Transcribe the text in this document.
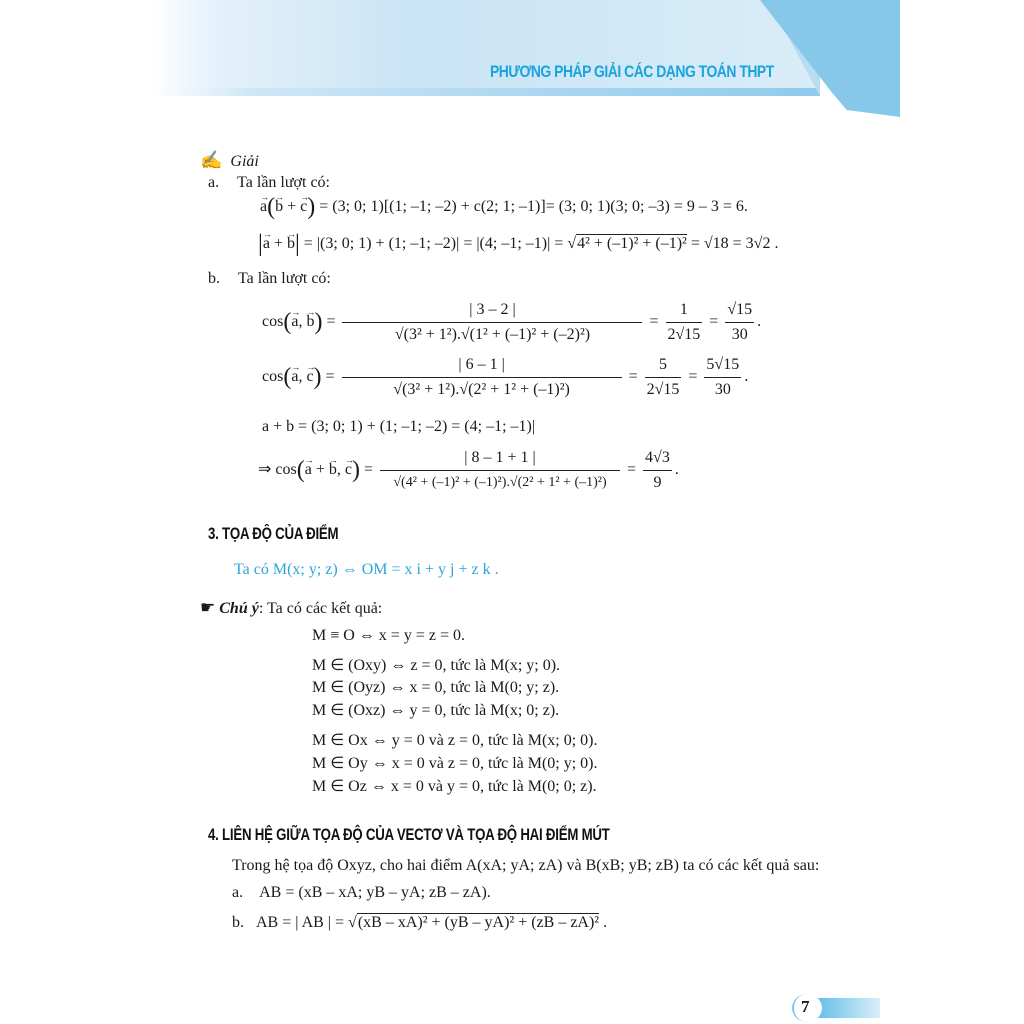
PHƯƠNG PHÁP GIẢI CÁC DẠNG TOÁN THPT
✍ Giải
a. Ta lần lượt có:
→ a(→ b + → c) = (3; 0; 1)[(1; –1; –2) + c(2; 1; –1)]= (3; 0; 1)(3; 0; –3) = 9 – 3 = 6.
|→ a + → b| = |(3; 0; 1) + (1; –1; –2)| = |(4; –1; –1)| = √4² + (–1)² + (–1)² = √18 = 3√2 .
b. Ta lần lượt có:
cos(→ a, → $b) = \frac{| 3 - 2 |}{\text{√(3² + 1²).√(1² + (–1)² + (–2)²)}} = \frac{1}{2√15} = \frac{√15}{30}$ .
cos(→ a, → $c) = \frac{| 6 - 1 |}{\text{√(3² + 1²).√(2² + 1² + (–1)²)}} = \frac{5}{2√15} = \frac{5√15}{30}$ .
a + b = (3; 0; 1) + (1; –1; –2) = (4; –1; –1)|
⇒ cos(→ a + → b, → $c) = \frac{| 8 - 1 + 1 |}{\text{√(4² + (–1)² + (–1)²).√(2² + 1² + (–1)²)}} = \frac{4√3}{9}$ .
3. TỌA ĐỘ CỦA ĐIỂM
Ta có M(x; y; z) ⇔ OM = x i + y j + z k .
☛ Chú ý: Ta có các kết quả:
M ≡ O ⇔ x = y = z = 0.
M ∈ (Oxy) ⇔ z = 0, tức là M(x; y; 0).
M ∈ (Oyz) ⇔ x = 0, tức là M(0; y; z).
M ∈ (Oxz) ⇔ y = 0, tức là M(x; 0; z).
M ∈ Ox ⇔ y = 0 và z = 0, tức là M(x; 0; 0).
M ∈ Oy ⇔ x = 0 và z = 0, tức là M(0; y; 0).
M ∈ Oz ⇔ x = 0 và y = 0, tức là M(0; 0; z).
4. LIÊN HỆ GIỮA TỌA ĐỘ CỦA VECTƠ VÀ TỌA ĐỘ HAI ĐIỂM MÚT
Trong hệ tọa độ Oxyz, cho hai điểm A(xA; yA; zA) và B(xB; yB; zB) ta có các kết quả sau:
a. AB = (xB – xA; yB – yA; zB – zA).
b. AB = | AB | = √(xB – xA)² + (yB – yA)² + (zB – zA)² .
7
